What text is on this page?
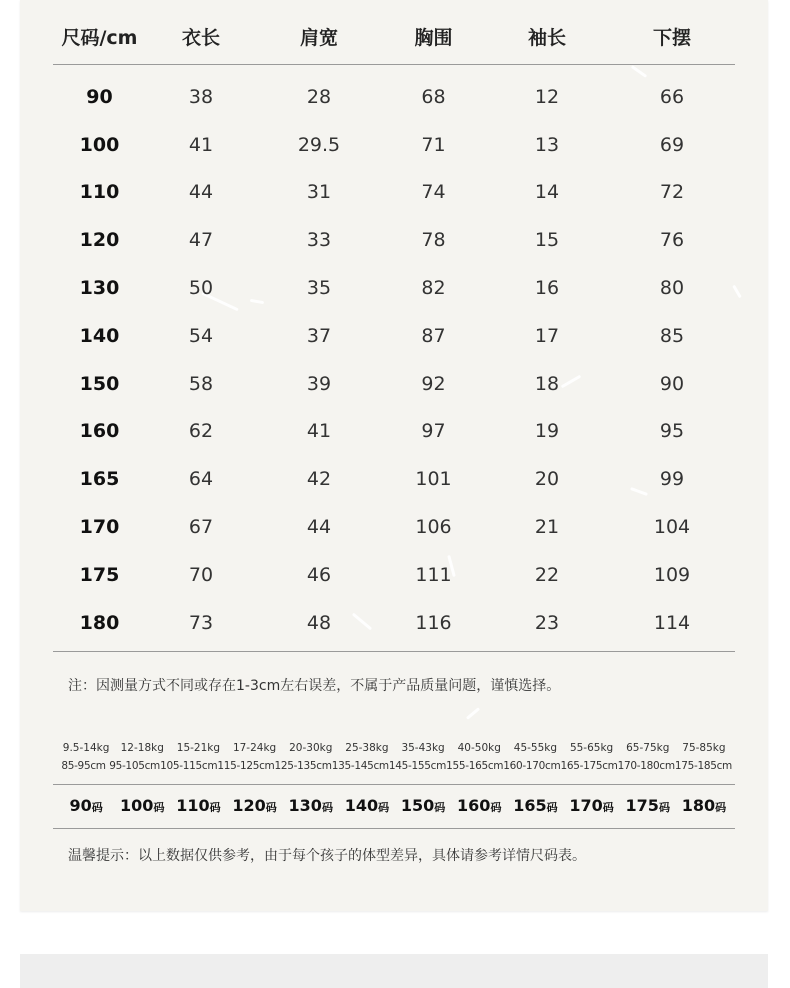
尺码/cm	衣长	肩宽	胸围	袖长	下摆
90	38	28	68	12	66
100	41	29.5	71	13	69
110	44	31	74	14	72
120	47	33	78	15	76
130	50	35	82	16	80
140	54	37	87	17	85
150	58	39	92	18	90
160	62	41	97	19	95
165	64	42	101	20	99
170	67	44	106	21	104
175	70	46	111	22	109
180	73	48	116	23	114
注：因测量方式不同或存在1-3cm左右误差，不属于产品质量问题，谨慎选择。
9.5-14kg	12-18kg	15-21kg	17-24kg	20-30kg	25-38kg	35-43kg	40-50kg	45-55kg	55-65kg	65-75kg	75-85kg
85-95cm 95-105cm 105-115cm 115-125cm 125-135cm 135-145cm 145-155cm 155-165cm 160-170cm 165-175cm 170-180cm 175-185cm
90码	100码 110码 120码 130码 140码 150码 160码 165码 170码 175码 180码
温馨提示：以上数据仅供参考，由于每个孩子的体型差异，具体请参考详情尺码表。
